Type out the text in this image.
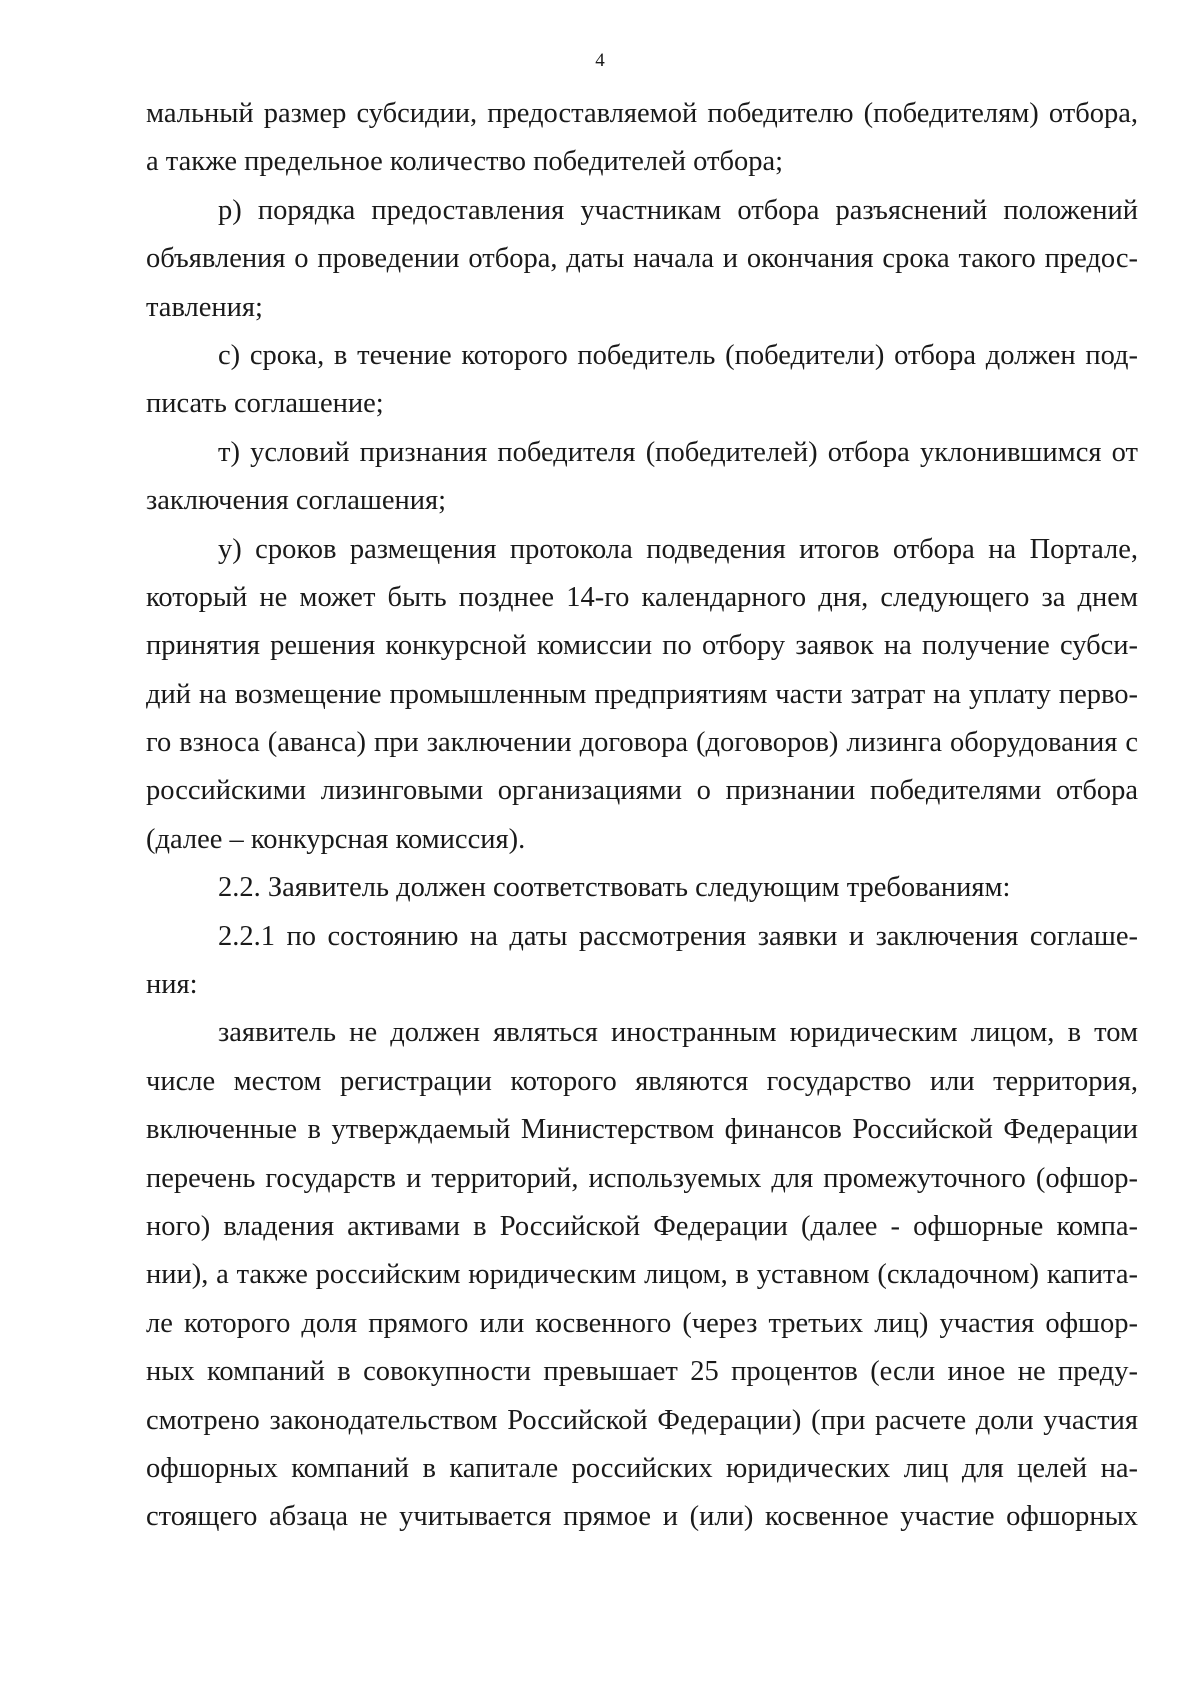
4
мальный размер субсидии, предоставляемой победителю (победителям) отбора,
а также предельное количество победителей отбора;
р) порядка предоставления участникам отбора разъяснений положений
объявления о проведении отбора, даты начала и окончания срока такого предос-
тавления;
с) срока, в течение которого победитель (победители) отбора должен под-
писать соглашение;
т) условий признания победителя (победителей) отбора уклонившимся от
заключения соглашения;
у) сроков размещения протокола подведения итогов отбора на Портале,
который не может быть позднее 14-го календарного дня, следующего за днем
принятия решения конкурсной комиссии по отбору заявок на получение субси-
дий на возмещение промышленным предприятиям части затрат на уплату перво-
го взноса (аванса) при заключении договора (договоров) лизинга оборудования с
российскими лизинговыми организациями о признании победителями отбора
(далее – конкурсная комиссия).
2.2. Заявитель должен соответствовать следующим требованиям:
2.2.1 по состоянию на даты рассмотрения заявки и заключения соглаше-
ния:
заявитель не должен являться иностранным юридическим лицом, в том
числе местом регистрации которого являются государство или территория,
включенные в утверждаемый Министерством финансов Российской Федерации
перечень государств и территорий, используемых для промежуточного (офшор-
ного) владения активами в Российской Федерации (далее - офшорные компа-
нии), а также российским юридическим лицом, в уставном (складочном) капита-
ле которого доля прямого или косвенного (через третьих лиц) участия офшор-
ных компаний в совокупности превышает 25 процентов (если иное не преду-
смотрено законодательством Российской Федерации) (при расчете доли участия
офшорных компаний в капитале российских юридических лиц для целей на-
стоящего абзаца не учитывается прямое и (или) косвенное участие офшорных
